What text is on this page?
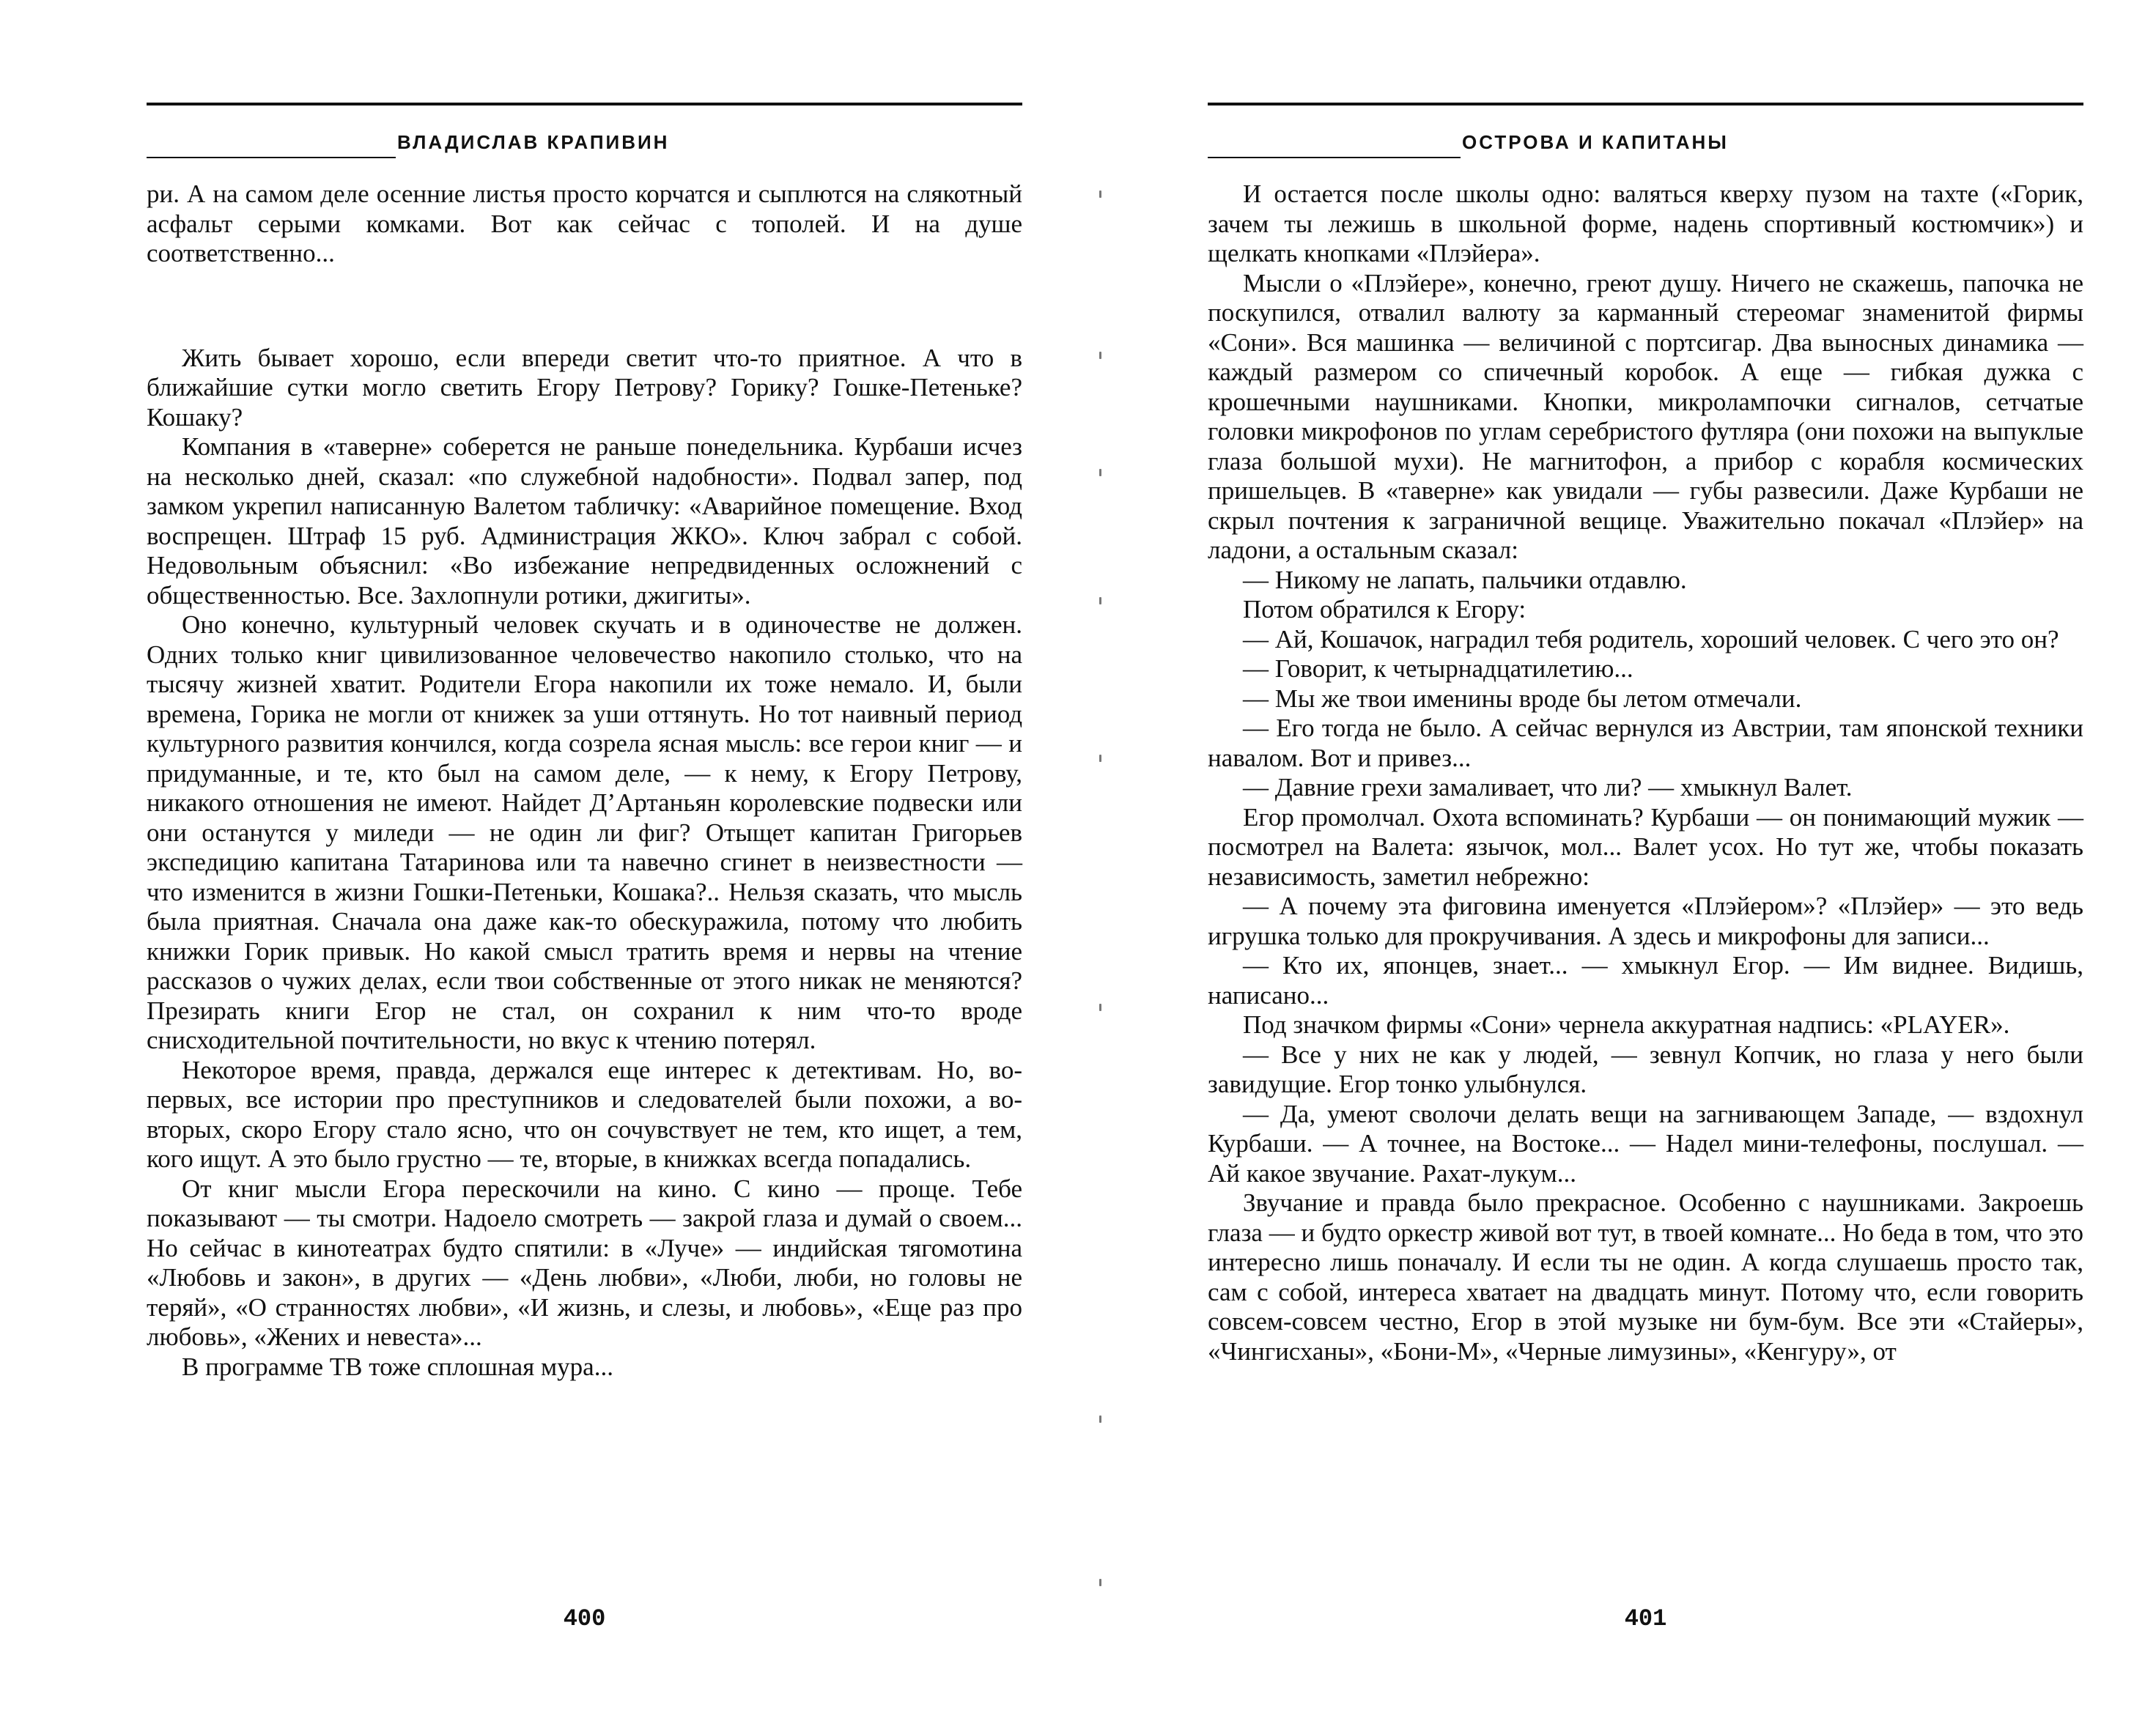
ВЛАДИСЛАВ КРАПИВИН

ри. А на самом деле осенние листья просто корчатся и сыплются на слякотный асфальт серыми комками. Вот как сейчас с тополей. И на душе соответственно...

Жить бывает хорошо, если впереди светит что-то приятное. А что в ближайшие сутки могло светить Егору Петрову? Горику? Гошке-Петеньке? Кошаку?

Компания в «таверне» соберется не раньше понедельника. Курбаши исчез на несколько дней, сказал: «по служебной надобности». Подвал запер, под замком укрепил написанную Валетом табличку: «Аварийное помещение. Вход воспрещен. Штраф 15 руб. Администрация ЖКО». Ключ забрал с собой. Недовольным объяснил: «Во избежание непредвиденных осложнений с общественностью. Все. Захлопнули ротики, джигиты».

Оно конечно, культурный человек скучать и в одиночестве не должен. Одних только книг цивилизованное человечество накопило столько, что на тысячу жизней хватит. Родители Егора накопили их тоже немало. И, были времена, Горика не могли от книжек за уши оттянуть. Но тот наивный период культурного развития кончился, когда созрела ясная мысль: все герои книг — и придуманные, и те, кто был на самом деле, — к нему, к Егору Петрову, никакого отношения не имеют. Найдет Д’Артаньян королевские подвески или они останутся у миледи — не один ли фиг? Отыщет капитан Григорьев экспедицию капитана Татаринова или та навечно сгинет в неизвестности — что изменится в жизни Гошки-Петеньки, Кошака?.. Нельзя сказать, что мысль была приятная. Сначала она даже как-то обескуражила, потому что любить книжки Горик привык. Но какой смысл тратить время и нервы на чтение рассказов о чужих делах, если твои собственные от этого никак не меняются? Презирать книги Егор не стал, он сохранил к ним что-то вроде снисходительной почтительности, но вкус к чтению потерял.

Некоторое время, правда, держался еще интерес к детективам. Но, во-первых, все истории про преступников и следователей были похожи, а во-вторых, скоро Егору стало ясно, что он сочувствует не тем, кто ищет, а тем, кого ищут. А это было грустно — те, вторые, в книжках всегда попадались.

От книг мысли Егора перескочили на кино. С кино — проще. Тебе показывают — ты смотри. Надоело смотреть — закрой глаза и думай о своем... Но сейчас в кинотеатрах будто спятили: в «Луче» — индийская тягомотина «Любовь и закон», в других — «День любви», «Люби, люби, но головы не теряй», «О странностях любви», «И жизнь, и слезы, и любовь», «Еще раз про любовь», «Жених и невеста»...

В программе ТВ тоже сплошная мура...

400
ОСТРОВА И КАПИТАНЫ

И остается после школы одно: валяться кверху пузом на тахте («Горик, зачем ты лежишь в школьной форме, надень спортивный костюмчик») и щелкать кнопками «Плэйера».

Мысли о «Плэйере», конечно, греют душу. Ничего не скажешь, папочка не поскупился, отвалил валюту за карманный стереомаг знаменитой фирмы «Сони». Вся машинка — величиной с портсигар. Два выносных динамика — каждый размером со спичечный коробок. А еще — гибкая дужка с крошечными наушниками. Кнопки, микролампочки сигналов, сетчатые головки микрофонов по углам серебристого футляра (они похожи на выпуклые глаза большой мухи). Не магнитофон, а прибор с корабля космических пришельцев. В «таверне» как увидали — губы развесили. Даже Курбаши не скрыл почтения к заграничной вещице. Уважительно покачал «Плэйер» на ладони, а остальным сказал:

— Никому не лапать, пальчики отдавлю.

Потом обратился к Егору:

— Ай, Кошачок, наградил тебя родитель, хороший человек. С чего это он?

— Говорит, к четырнадцатилетию...

— Мы же твои именины вроде бы летом отмечали.

— Его тогда не было. А сейчас вернулся из Австрии, там японской техники навалом. Вот и привез...

— Давние грехи замаливает, что ли? — хмыкнул Валет.

Егор промолчал. Охота вспоминать? Курбаши — он понимающий мужик — посмотрел на Валета: язычок, мол... Валет усох. Но тут же, чтобы показать независимость, заметил небрежно:

— А почему эта фиговина именуется «Плэйером»? «Плэйер» — это ведь игрушка только для прокручивания. А здесь и микрофоны для записи...

— Кто их, японцев, знает... — хмыкнул Егор. — Им виднее. Видишь, написано...

Под значком фирмы «Сони» чернела аккуратная надпись: «PLAYER».

— Все у них не как у людей, — зевнул Копчик, но глаза у него были завидущие. Егор тонко улыбнулся.

— Да, умеют сволочи делать вещи на загнивающем Западе, — вздохнул Курбаши. — А точнее, на Востоке... — Надел мини-телефоны, послушал. — Ай какое звучание. Рахат-лукум...

Звучание и правда было прекрасное. Особенно с наушниками. Закроешь глаза — и будто оркестр живой вот тут, в твоей комнате... Но беда в том, что это интересно лишь поначалу. И если ты не один. А когда слушаешь просто так, сам с собой, интереса хватает на двадцать минут. Потому что, если говорить совсем-совсем честно, Егор в этой музыке ни бум-бум. Все эти «Стайеры», «Чингисханы», «Бони-М», «Черные лимузины», «Кенгуру», от

401
